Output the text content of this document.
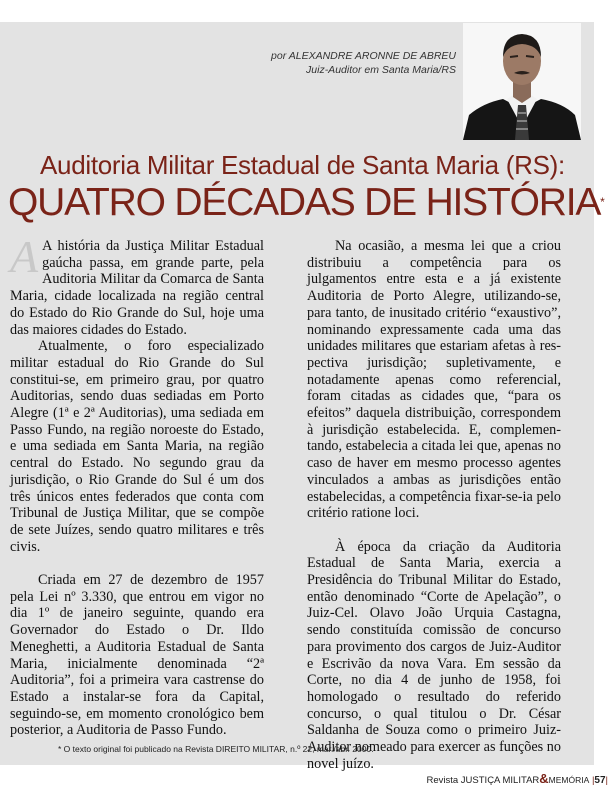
por ALEXANDRE ARONNE DE ABREU
Juiz-Auditor em Santa Maria/RS
Auditoria Militar Estadual de Santa Maria (RS):
QUATRO DÉCADAS DE HISTÓRIA*

A A história da Justiça Militar Estadual gaúcha passa, em grande parte, pela Auditoria Militar da Comarca de Santa Maria, cidade localizada na região central do Estado do Rio Grande do Sul, hoje uma das maiores cidades do Estado.

Atualmente, o foro especializado militar estadual do Rio Grande do Sul constitui-se, em primeiro grau, por quatro Auditorias, sendo duas sediadas em Porto Alegre (1ª e 2ª Auditorias), uma sediada em Passo Fundo, na região noroeste do Estado, e uma sediada em Santa Maria, na região central do Estado. No segundo grau da jurisdição, o Rio Grande do Sul é um dos três únicos entes federados que conta com Tribunal de Justiça Militar, que se compõe de sete Juízes, sendo quatro militares e três civis.

Criada em 27 de dezembro de 1957 pela Lei nº 3.330, que entrou em vigor no dia 1º de janeiro seguinte, quando era Governador do Estado o Dr. Ildo Meneghetti, a Auditoria Estadual de Santa Maria, inicialmente denominada “2ª Auditoria”, foi a primeira vara castrense do Estado a instalar-se fora da Capital, seguindo-se, em momento cronológico bem posterior, a Auditoria de Passo Fundo.

Na ocasião, a mesma lei que a criou distribuiu a competência para os julgamentos entre esta e a já existente Auditoria de Porto Alegre, utilizando-se, para tanto, de inusitado critério “exaustivo”, nominando expressamente cada uma das unidades militares que estariam afetas à res-pectiva jurisdição; supletivamente, e notadamente apenas como referencial, foram citadas as cidades que, “para os efeitos” daquela distribuição, correspondem à jurisdição estabelecida. E, complemen-tando, estabelecia a citada lei que, apenas no caso de haver em mesmo processo agentes vinculados a ambas as jurisdições então estabelecidas, a competência fixar-se-ia pelo critério ratione loci.

À época da criação da Auditoria Estadual de Santa Maria, exercia a Presidência do Tribunal Militar do Estado, então denominado “Corte de Apelação”, o Juiz-Cel. Olavo João Urquia Castagna, sendo constituída comissão de concurso para provimento dos cargos de Juiz-Auditor e Escrivão da nova Vara. Em sessão da Corte, no dia 4 de junho de 1958, foi homologado o resultado do referido concurso, o qual titulou o Dr. César Saldanha de Souza como o primeiro Juiz-Auditor nomeado para exercer as funções no novel juízo.

* O texto original foi publicado na Revista DIREITO MILITAR, n.º 22, mar./abr. 2000.
Revista JUSTIÇA MILITAR&MEMÓRIA |57|
